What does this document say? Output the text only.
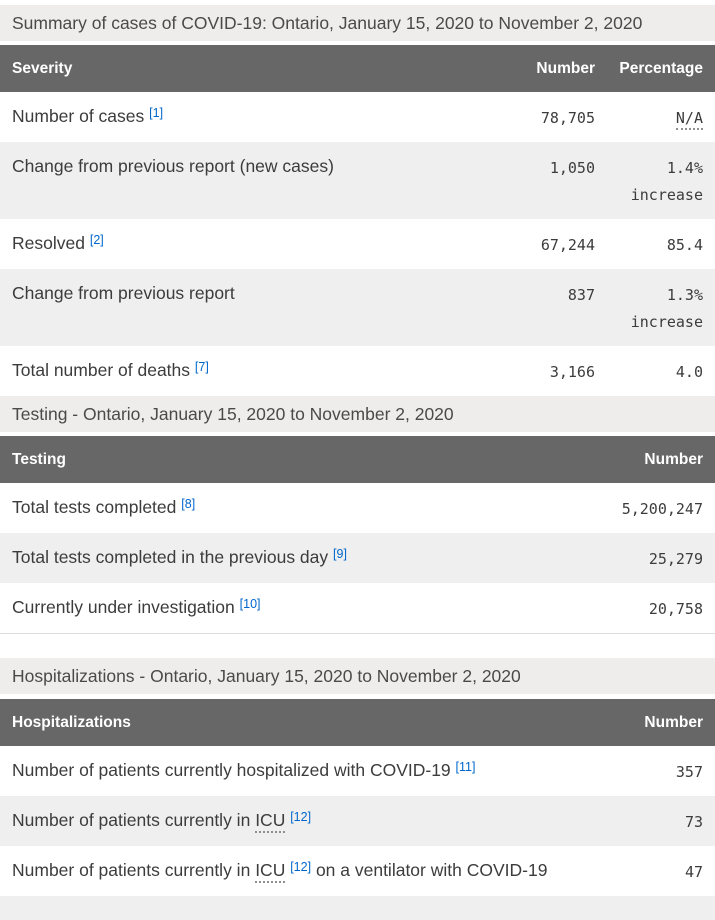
Summary of cases of COVID-19: Ontario, January 15, 2020 to November 2, 2020
Severity	Number	Percentage
Number of cases [1]	78,705	N/A
Change from previous report (new cases)	1,050	1.4%
increase

Resolved [2]	67,244	85.4
Change from previous report	837	1.3%
increase

Total number of deaths [7]	3,166	4.0
Testing - Ontario, January 15, 2020 to November 2, 2020
Testing	Number
Total tests completed [8]	5,200,247
Total tests completed in the previous day [9]	25,279
Currently under investigation [10]	20,758
Hospitalizations - Ontario, January 15, 2020 to November 2, 2020
Hospitalizations	Number
Number of patients currently hospitalized with COVID-19 [11]	357
Number of patients currently in ICU [12]	73
Number of patients currently in ICU [12] on a ventilator with COVID-19	47
